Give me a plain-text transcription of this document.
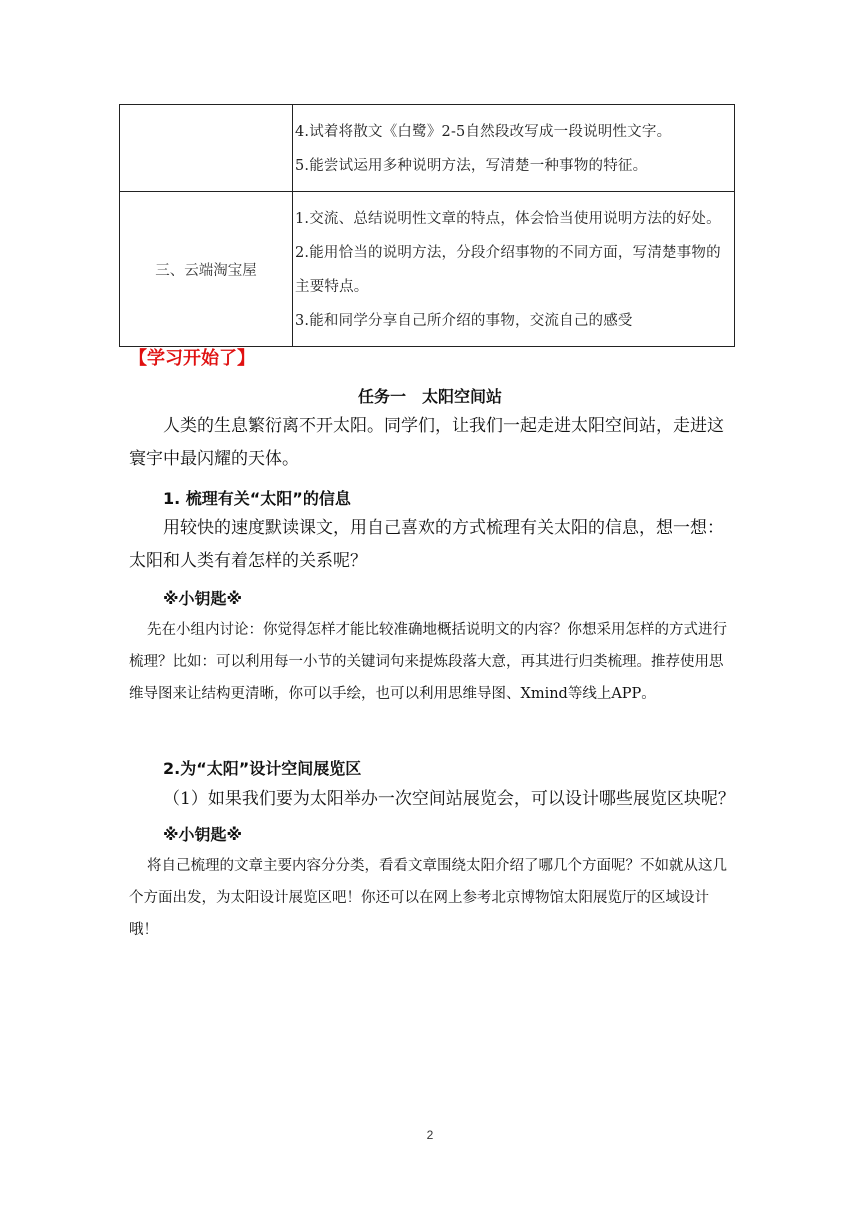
	4.试着将散文《白鹭》2-5自然段改写成一段说明性文字。

5.能尝试运用多种说明方法，写清楚一种事物的特征。

三、云端淘宝屋	1.交流、总结说明性文章的特点，体会恰当使用说明方法的好处。

2.能用恰当的说明方法，分段介绍事物的不同方面，写清楚事物的主要特点。

3.能和同学分享自己所介绍的事物，交流自己的感受

【学习开始了】

任务一　太阳空间站

人类的生息繁衍离不开太阳。同学们，让我们一起走进太阳空间站，走进这寰宇中最闪耀的天体。

1. 梳理有关“太阳”的信息

用较快的速度默读课文，用自己喜欢的方式梳理有关太阳的信息，想一想：太阳和人类有着怎样的关系呢？

※小钥匙※

先在小组内讨论：你觉得怎样才能比较准确地概括说明文的内容？你想采用怎样的方式进行梳理？比如：可以利用每一小节的关键词句来提炼段落大意，再其进行归类梳理。推荐使用思维导图来让结构更清晰，你可以手绘，也可以利用思维导图、Xmind等线上APP。

2.为“太阳”设计空间展览区

（1）如果我们要为太阳举办一次空间站展览会，可以设计哪些展览区块呢？

※小钥匙※

将自己梳理的文章主要内容分分类，看看文章围绕太阳介绍了哪几个方面呢？不如就从这几个方面出发，为太阳设计展览区吧！你还可以在网上参考北京博物馆太阳展览厅的区域设计哦！

2
